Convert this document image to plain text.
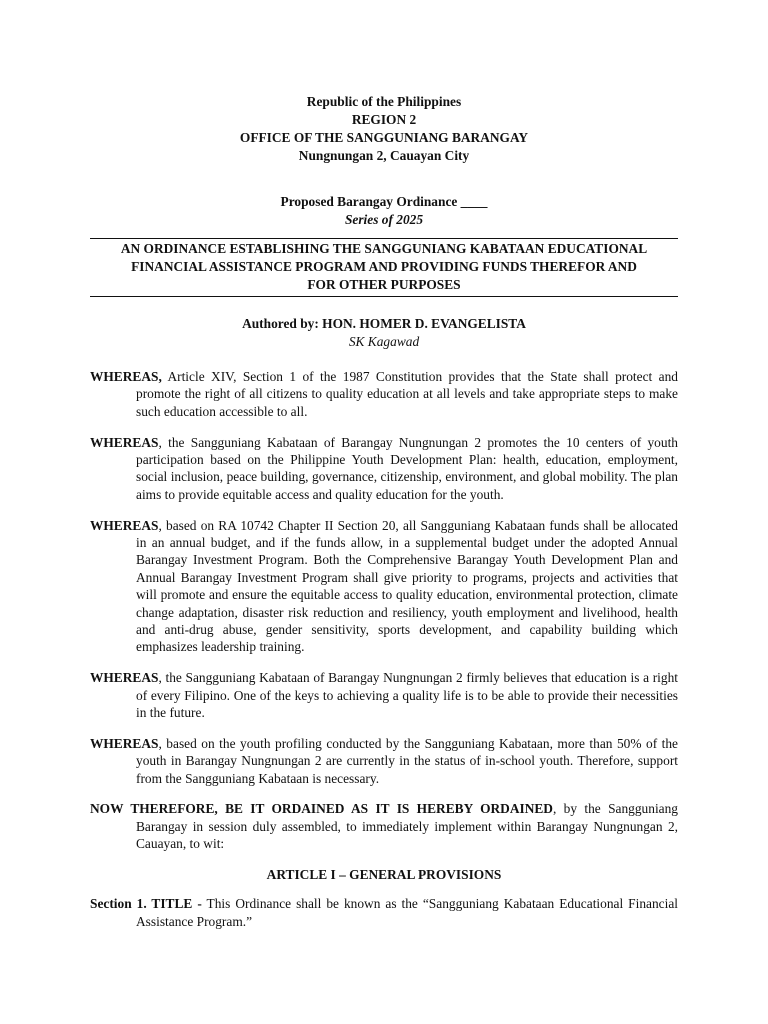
Republic of the Philippines
REGION 2
OFFICE OF THE SANGGUNIANG BARANGAY
Nungnungan 2, Cauayan City
Proposed Barangay Ordinance ____
Series of 2025
AN ORDINANCE ESTABLISHING THE SANGGUNIANG KABATAAN EDUCATIONAL
FINANCIAL ASSISTANCE PROGRAM AND PROVIDING FUNDS THEREFOR AND
FOR OTHER PURPOSES
Authored by: HON. HOMER D. EVANGELISTA
SK Kagawad

WHEREAS, Article XIV, Section 1 of the 1987 Constitution provides that the State shall protect and promote the right of all citizens to quality education at all levels and take appropriate steps to make such education accessible to all.

WHEREAS, the Sangguniang Kabataan of Barangay Nungnungan 2 promotes the 10 centers of youth participation based on the Philippine Youth Development Plan: health, education, employment, social inclusion, peace building, governance, citizenship, environment, and global mobility. The plan aims to provide equitable access and quality education for the youth.

WHEREAS, based on RA 10742 Chapter II Section 20, all Sangguniang Kabataan funds shall be allocated in an annual budget, and if the funds allow, in a supplemental budget under the adopted Annual Barangay Investment Program. Both the Comprehensive Barangay Youth Development Plan and Annual Barangay Investment Program shall give priority to programs, projects and activities that will promote and ensure the equitable access to quality education, environmental protection, climate change adaptation, disaster risk reduction and resiliency, youth employment and livelihood, health and anti-drug abuse, gender sensitivity, sports development, and capability building which emphasizes leadership training.

WHEREAS, the Sangguniang Kabataan of Barangay Nungnungan 2 firmly believes that education is a right of every Filipino. One of the keys to achieving a quality life is to be able to provide their necessities in the future.

WHEREAS, based on the youth profiling conducted by the Sangguniang Kabataan, more than 50% of the youth in Barangay Nungnungan 2 are currently in the status of in-school youth. Therefore, support from the Sangguniang Kabataan is necessary.

NOW THEREFORE, BE IT ORDAINED AS IT IS HEREBY ORDAINED, by the Sangguniang Barangay in session duly assembled, to immediately implement within Barangay Nungnungan 2, Cauayan, to wit:

ARTICLE I – GENERAL PROVISIONS

Section 1. TITLE - This Ordinance shall be known as the “Sangguniang Kabataan Educational Financial Assistance Program.”
